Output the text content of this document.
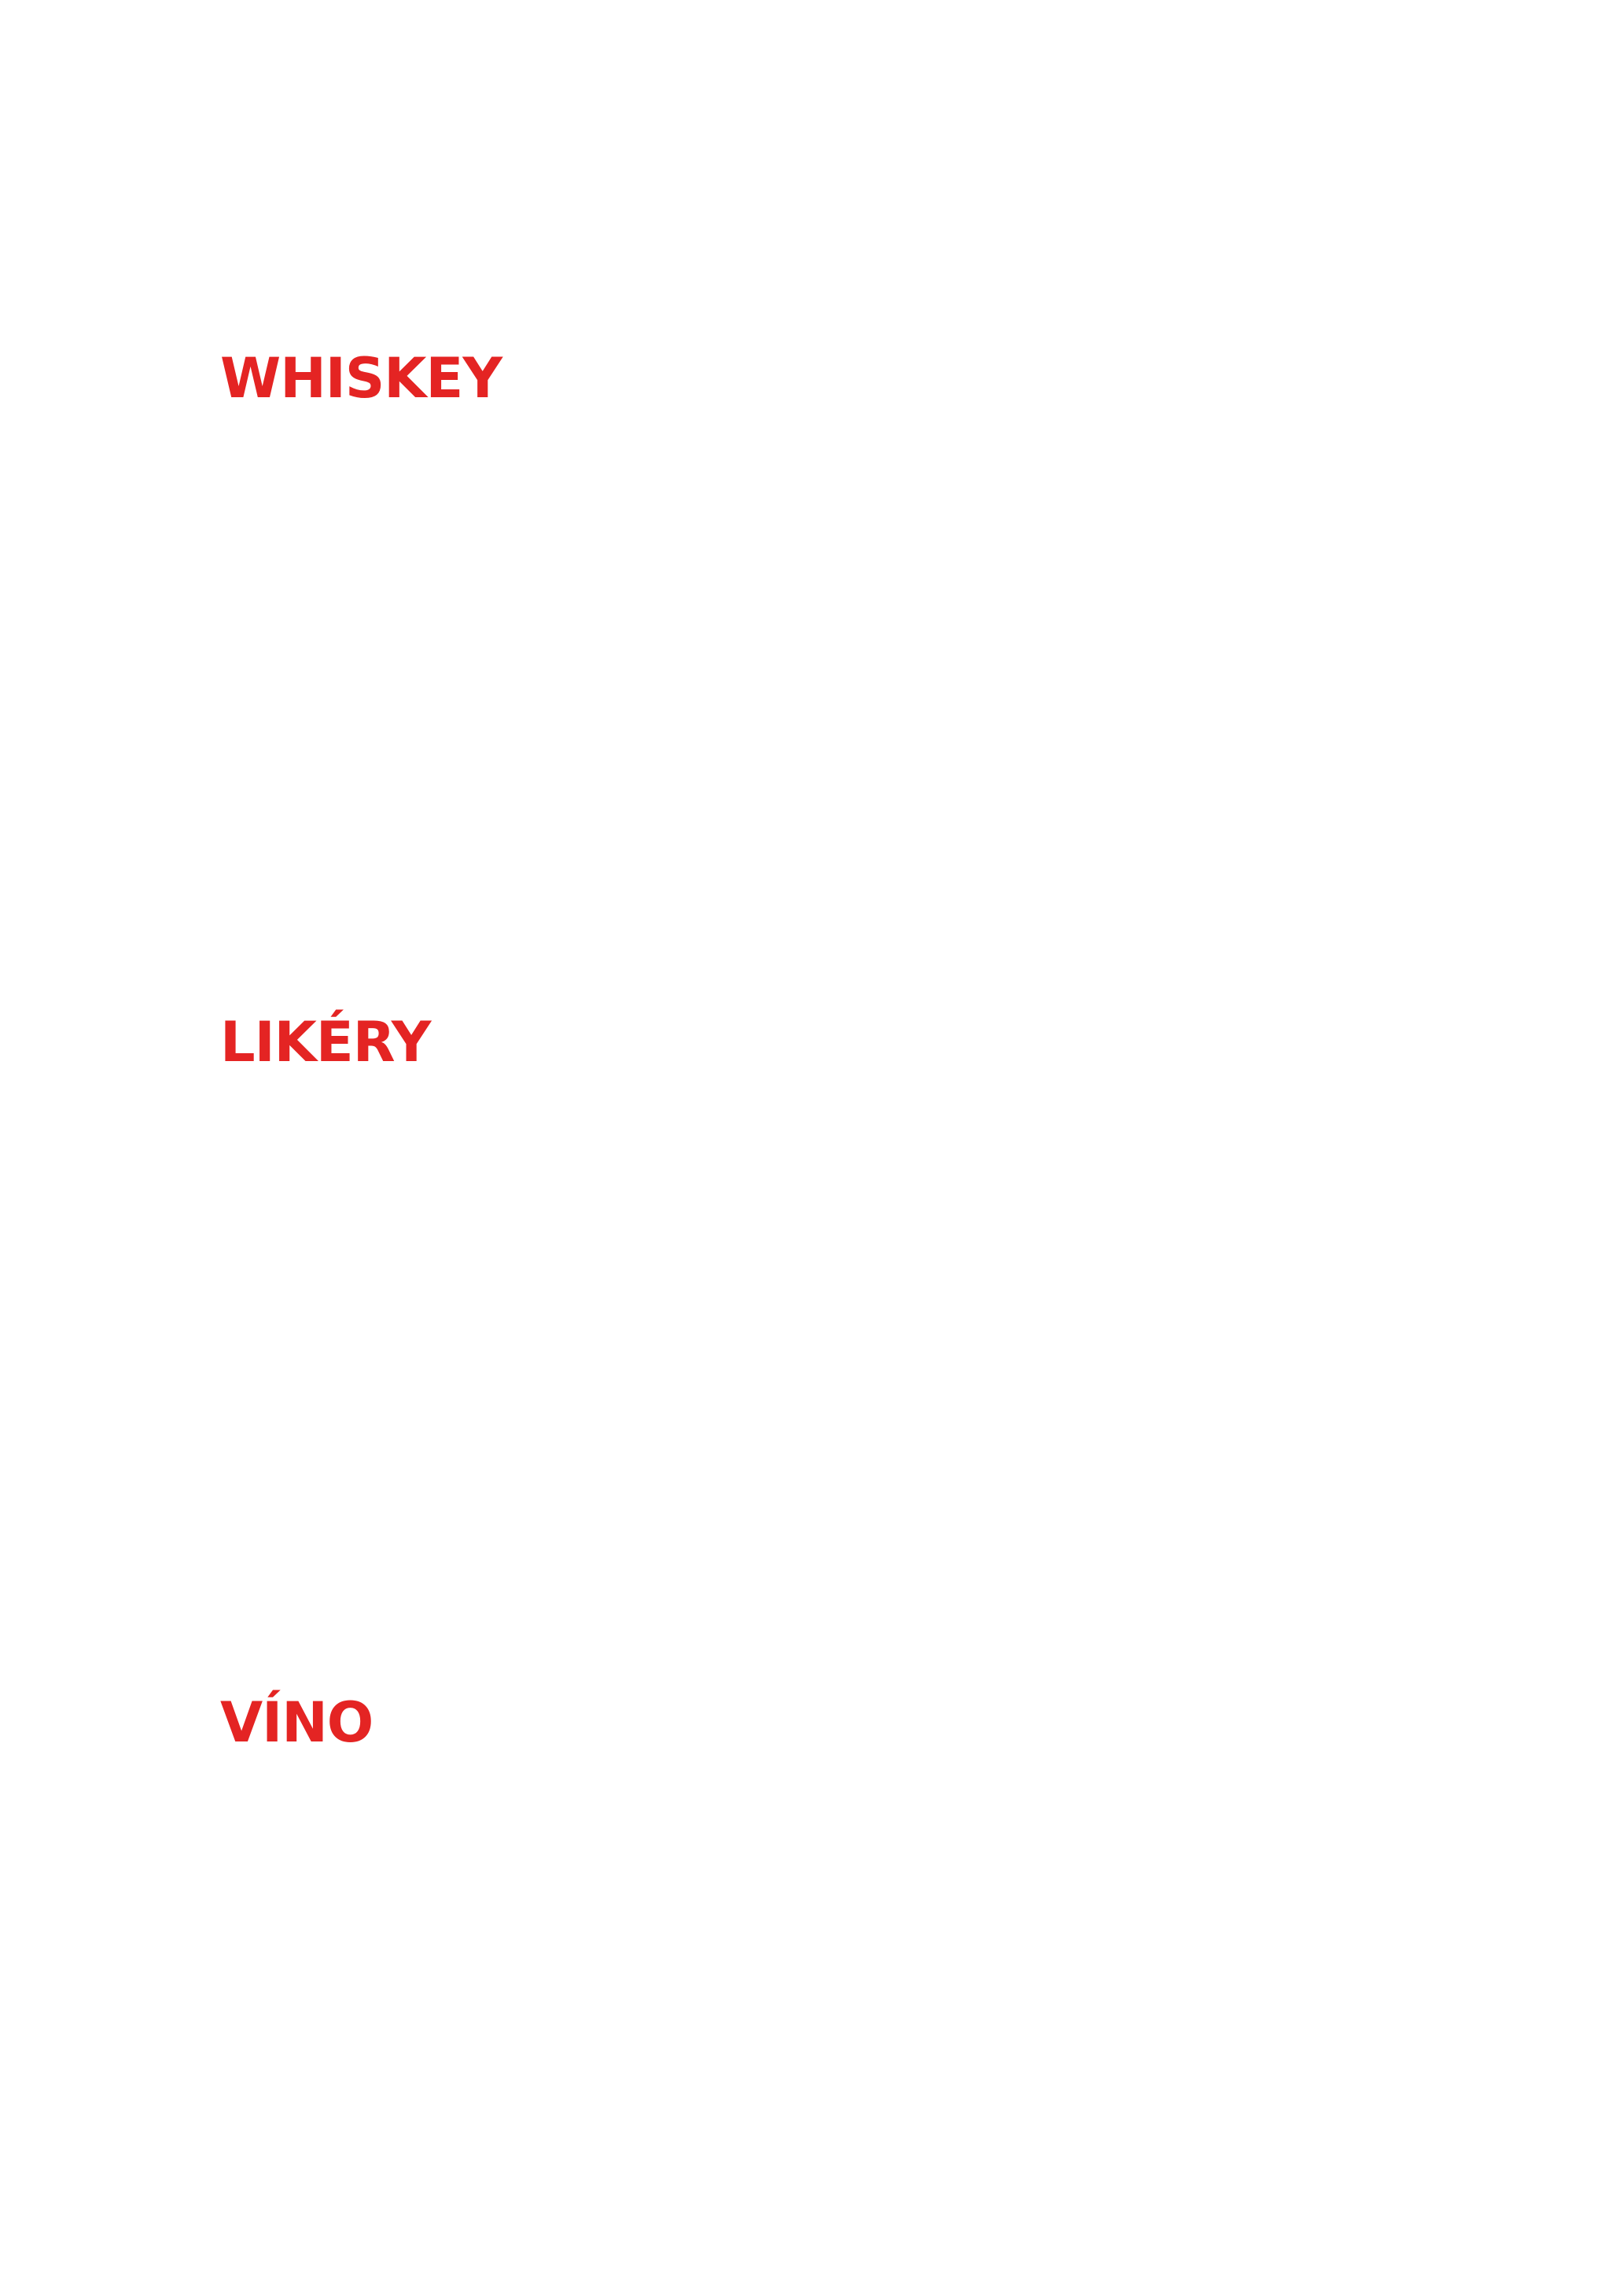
WHISKEY
LIKÉRY
VÍNO
